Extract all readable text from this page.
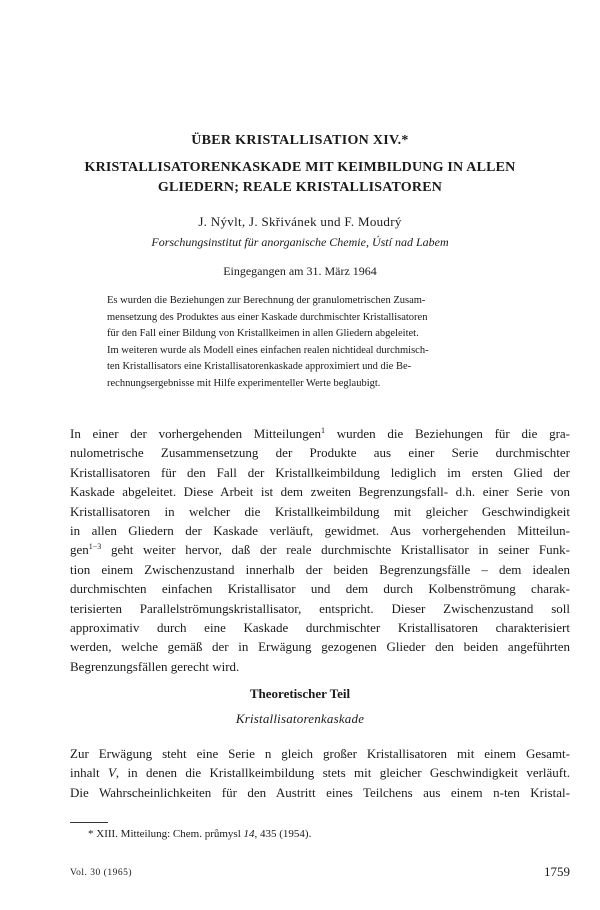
ÜBER KRISTALLISATION XIV.*
KRISTALLISATORENKASKADE MIT KEIMBILDUNG IN ALLEN
GLIEDERN; REALE KRISTALLISATOREN
J. Nývlt, J. Skřivánek und F. Moudrý
Forschungsinstitut für anorganische Chemie, Ústí nad Labem
Eingegangen am 31. März 1964
Es wurden die Beziehungen zur Berechnung der granulometrischen Zusam-
mensetzung des Produktes aus einer Kaskade durchmischter Kristallisatoren
für den Fall einer Bildung von Kristallkeimen in allen Gliedern abgeleitet.
Im weiteren wurde als Modell eines einfachen realen nichtideal durchmisch-
ten Kristallisators eine Kristallisatorenkaskade approximiert und die Be-
rechnungsergebnisse mit Hilfe experimenteller Werte beglaubigt.
In einer der vorhergehenden Mitteilungen$^1$ wurden die Beziehungen für die gra-
nulometrische Zusammensetzung der Produkte aus einer Serie durchmischter
Kristallisatoren für den Fall der Kristallkeimbildung lediglich im ersten Glied der
Kaskade abgeleitet. Diese Arbeit ist dem zweiten Begrenzungsfall- d.h. einer Serie von
Kristallisatoren in welcher die Kristallkeimbildung mit gleicher Geschwindigkeit
in allen Gliedern der Kaskade verläuft, gewidmet. Aus vorhergehenden Mitteilun-
gen$^{1-3}$ geht weiter hervor, daß der reale durchmischte Kristallisator in seiner Funk-
tion einem Zwischenzustand innerhalb der beiden Begrenzungsfälle – dem idealen
durchmischten einfachen Kristallisator und dem durch Kolbenströmung charak-
terisierten Parallelströmungskristallisator, entspricht. Dieser Zwischenzustand soll
approximativ durch eine Kaskade durchmischter Kristallisatoren charakterisiert
werden, welche gemäß der in Erwägung gezogenen Glieder den beiden angeführten
Begrenzungsfällen gerecht wird.
Theoretischer Teil
Kristallisatorenkaskade
Zur Erwägung steht eine Serie n gleich großer Kristallisatoren mit einem Gesamt-
inhalt V, in denen die Kristallkeimbildung stets mit gleicher Geschwindigkeit verläuft.
Die Wahrscheinlichkeiten für den Austritt eines Teilchens aus einem n-ten Kristal-
* XIII. Mitteilung: Chem. průmysl 14, 435 (1954).
Vol. 30 (1965)	1759
